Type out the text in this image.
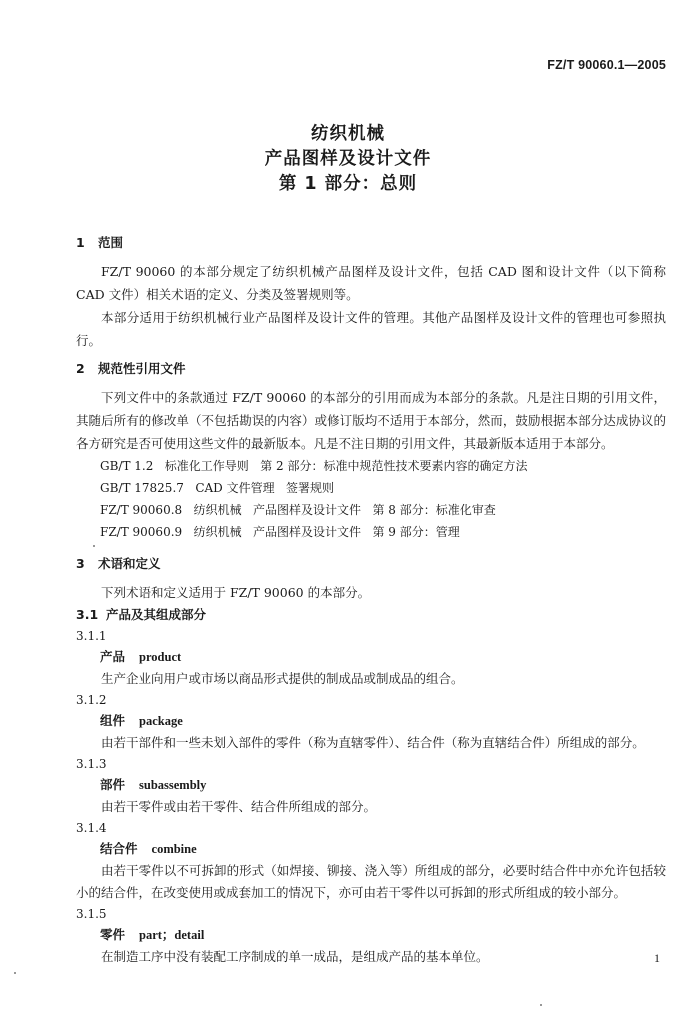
FZ/T 90060.1—2005
纺织机械
产品图样及设计文件
第 1 部分：总则
1 范围

FZ/T 90060 的本部分规定了纺织机械产品图样及设计文件，包括 CAD 图和设计文件（以下简称 CAD 文件）相关术语的定义、分类及签署规则等。

本部分适用于纺织机械行业产品图样及设计文件的管理。其他产品图样及设计文件的管理也可参照执行。

2 规范性引用文件

下列文件中的条款通过 FZ/T 90060 的本部分的引用而成为本部分的条款。凡是注日期的引用文件，其随后所有的修改单（不包括勘误的内容）或修订版均不适用于本部分，然而，鼓励根据本部分达成协议的各方研究是否可使用这些文件的最新版本。凡是不注日期的引用文件，其最新版本适用于本部分。

GB/T 1.2   标准化工作导则   第 2 部分：标准中规范性技术要素内容的确定方法
GB/T 17825.7   CAD 文件管理   签署规则
FZ/T 90060.8   纺织机械   产品图样及设计文件   第 8 部分：标准化审查
FZ/T 90060.9   纺织机械   产品图样及设计文件   第 9 部分：管理
3 术语和定义

下列术语和定义适用于 FZ/T 90060 的本部分。

3.1 产品及其组成部分
3.1.1
产品 product

生产企业向用户或市场以商品形式提供的制成品或制成品的组合。

3.1.2
组件 package

由若干部件和一些未划入部件的零件（称为直辖零件）、结合件（称为直辖结合件）所组成的部分。

3.1.3
部件 subassembly

由若干零件或由若干零件、结合件所组成的部分。

3.1.4
结合件 combine

由若干零件以不可拆卸的形式（如焊接、铆接、浇入等）所组成的部分，必要时结合件中亦允许包括较小的结合件，在改变使用或成套加工的情况下，亦可由若干零件以可拆卸的形式所组成的较小部分。

3.1.5
零件 part；detail

在制造工序中没有装配工序制成的单一成品，是组成产品的基本单位。	1
